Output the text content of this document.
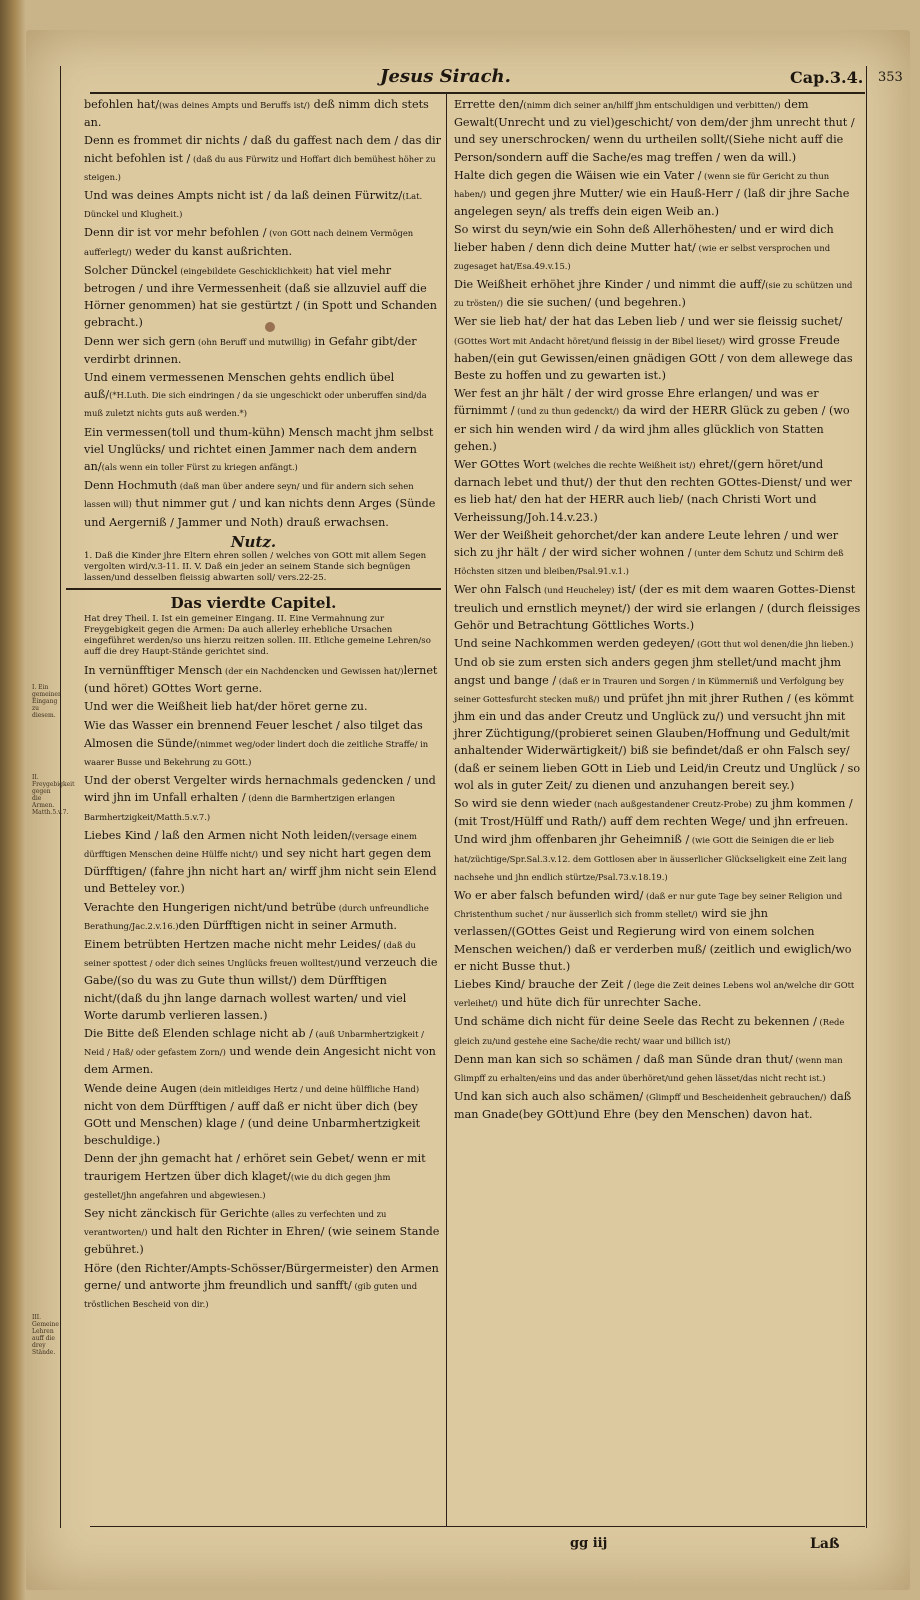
Jesus Sirach.	Cap.3.4. 353
I. Ein gemeiner Eingang zu diesem.
II. Freygebigkeit gegen die Armen. Matth.5.v.7.
III. Gemeine Lehren auff die drey Stände.
befohlen hat/(was deines Ampts und Beruffs ist/) deß nimm dich stets an.
Denn es frommet dir nichts / daß du gaffest nach dem / das dir nicht befohlen ist / (daß du aus Fürwitz und Hoffart dich bemühest höher zu steigen.)
Und was deines Ampts nicht ist / da laß deinen Fürwitz/(Lat. Dünckel und Klugheit.)
Denn dir ist vor mehr befohlen / (von GOtt nach deinem Vermögen aufferlegt/) weder du kanst außrichten.
Solcher Dünckel (eingebildete Geschicklichkeit) hat viel mehr betrogen / und ihre Vermessenheit (daß sie allzuviel auff die Hörner genommen) hat sie gestürtzt / (in Spott und Schanden gebracht.)
Denn wer sich gern (ohn Beruff und mutwillig) in Gefahr gibt/der verdirbt drinnen.
Und einem vermessenen Menschen gehts endlich übel auß/(*H.Luth. Die sich eindringen / da sie ungeschickt oder unberuffen sind/da muß zuletzt nichts guts auß werden.*)
Ein vermessen(toll und thum-kühn) Mensch macht jhm selbst viel Unglücks/ und richtet einen Jammer nach dem andern an/(als wenn ein toller Fürst zu kriegen anfängt.)
Denn Hochmuth (daß man über andere seyn/ und für andern sich sehen lassen will) thut nimmer gut / und kan nichts denn Arges (Sünde und Aergerniß / Jammer und Noth) drauß erwachsen.
Nutz.
1. Daß die Kinder jhre Eltern ehren sollen / welches von GOtt mit allem Segen vergolten wird/v.3-11. II. V. Daß ein jeder an seinem Stande sich begnügen lassen/und desselben fleissig abwarten soll/ vers.22-25.
Das vierdte Capitel.
Hat drey Theil. I. Ist ein gemeiner Eingang. II. Eine Vermahnung zur Freygebigkeit gegen die Armen: Da auch allerley erhebliche Ursachen eingeführet werden/so uns hierzu reitzen sollen. III. Etliche gemeine Lehren/so auff die drey Haupt-Stände gerichtet sind.
In vernünfftiger Mensch (der ein Nachdencken und Gewissen hat/)lernet (und höret) GOttes Wort gerne.
Und wer die Weißheit lieb hat/der höret gerne zu.
Wie das Wasser ein brennend Feuer leschet / also tilget das Almosen die Sünde/(nimmet weg/oder lindert doch die zeitliche Straffe/ in waarer Busse und Bekehrung zu GOtt.)
Und der oberst Vergelter wirds hernachmals gedencken / und wird jhn im Unfall erhalten / (denn die Barmhertzigen erlangen Barmhertzigkeit/Matth.5.v.7.)
Liebes Kind / laß den Armen nicht Noth leiden/(versage einem dürfftigen Menschen deine Hülffe nicht/) und sey nicht hart gegen dem Dürfftigen/ (fahre jhn nicht hart an/ wirff jhm nicht sein Elend und Betteley vor.)
Verachte den Hungerigen nicht/und betrübe (durch unfreundliche Berathung/Jac.2.v.16.)den Dürfftigen nicht in seiner Armuth.
Einem betrübten Hertzen mache nicht mehr Leides/ (daß du seiner spottest / oder dich seines Unglücks freuen wolltest/)und verzeuch die Gabe/(so du was zu Gute thun willst/) dem Dürfftigen nicht/(daß du jhn lange darnach wollest warten/ und viel Worte darumb verlieren lassen.)
Die Bitte deß Elenden schlage nicht ab / (auß Unbarmhertzigkeit / Neid / Haß/ oder gefastem Zorn/) und wende dein Angesicht nicht von dem Armen.
Wende deine Augen (dein mitleidiges Hertz / und deine hülffliche Hand) nicht von dem Dürfftigen / auff daß er nicht über dich (bey GOtt und Menschen) klage / (und deine Unbarmhertzigkeit beschuldige.)
Denn der jhn gemacht hat / erhöret sein Gebet/ wenn er mit traurigem Hertzen über dich klaget/(wie du dich gegen jhm gestellet/jhn angefahren und abgewiesen.)
Sey nicht zänckisch für Gerichte (alles zu verfechten und zu verantworten/) und halt den Richter in Ehren/ (wie seinem Stande gebühret.)
Höre (den Richter/Ampts-Schösser/Bürgermeister) den Armen gerne/ und antworte jhm freundlich und sanfft/ (gib guten und tröstlichen Bescheid von dir.)
Errette den/(nimm dich seiner an/hilff jhm entschuldigen und verbitten/) dem Gewalt(Unrecht und zu viel)geschicht/ von dem/der jhm unrecht thut / und sey unerschrocken/ wenn du urtheilen sollt/(Siehe nicht auff die Person/sondern auff die Sache/es mag treffen / wen da will.)
Halte dich gegen die Wäisen wie ein Vater / (wenn sie für Gericht zu thun haben/) und gegen jhre Mutter/ wie ein Hauß-Herr / (laß dir jhre Sache angelegen seyn/ als treffs dein eigen Weib an.)
So wirst du seyn/wie ein Sohn deß Allerhöhesten/ und er wird dich lieber haben / denn dich deine Mutter hat/ (wie er selbst versprochen und zugesaget hat/Esa.49.v.15.)
Die Weißheit erhöhet jhre Kinder / und nimmt die auff/(sie zu schützen und zu trösten/) die sie suchen/ (und begehren.)
Wer sie lieb hat/ der hat das Leben lieb / und wer sie fleissig suchet/ (GOttes Wort mit Andacht höret/und fleissig in der Bibel lieset/) wird grosse Freude haben/(ein gut Gewissen/einen gnädigen GOtt / von dem allewege das Beste zu hoffen und zu gewarten ist.)
Wer fest an jhr hält / der wird grosse Ehre erlangen/ und was er fürnimmt / (und zu thun gedenckt/) da wird der HERR Glück zu geben / (wo er sich hin wenden wird / da wird jhm alles glücklich von Statten gehen.)
Wer GOttes Wort (welches die rechte Weißheit ist/) ehret/(gern höret/und darnach lebet und thut/) der thut den rechten GOttes-Dienst/ und wer es lieb hat/ den hat der HERR auch lieb/ (nach Christi Wort und Verheissung/Joh.14.v.23.)
Wer der Weißheit gehorchet/der kan andere Leute lehren / und wer sich zu jhr hält / der wird sicher wohnen / (unter dem Schutz und Schirm deß Höchsten sitzen und bleiben/Psal.91.v.1.)
Wer ohn Falsch (und Heucheley) ist/ (der es mit dem waaren Gottes-Dienst treulich und ernstlich meynet/) der wird sie erlangen / (durch fleissiges Gehör und Betrachtung Göttliches Worts.)
Und seine Nachkommen werden gedeyen/ (GOtt thut wol denen/die jhn lieben.)
Und ob sie zum ersten sich anders gegen jhm stellet/und macht jhm angst und bange / (daß er in Trauren und Sorgen / in Kümmerniß und Verfolgung bey seiner Gottesfurcht stecken muß/) und prüfet jhn mit jhrer Ruthen / (es kömmt jhm ein und das ander Creutz und Unglück zu/) und versucht jhn mit jhrer Züchtigung/(probieret seinen Glauben/Hoffnung und Gedult/mit anhaltender Widerwärtigkeit/) biß sie befindet/daß er ohn Falsch sey/ (daß er seinem lieben GOtt in Lieb und Leid/in Creutz und Unglück / so wol als in guter Zeit/ zu dienen und anzuhangen bereit sey.)
So wird sie denn wieder (nach außgestandener Creutz-Probe) zu jhm kommen / (mit Trost/Hülff und Rath/) auff dem rechten Wege/ und jhn erfreuen.
Und wird jhm offenbaren jhr Geheimniß / (wie GOtt die Seinigen die er lieb hat/züchtige/Spr.Sal.3.v.12. dem Gottlosen aber in äusserlicher Glückseligkeit eine Zeit lang nachsehe und jhn endlich stürtze/Psal.73.v.18.19.)
Wo er aber falsch befunden wird/ (daß er nur gute Tage bey seiner Religion und Christenthum suchet / nur äusserlich sich fromm stellet/) wird sie jhn verlassen/(GOttes Geist und Regierung wird von einem solchen Menschen weichen/) daß er verderben muß/ (zeitlich und ewiglich/wo er nicht Busse thut.)
Liebes Kind/ brauche der Zeit / (lege die Zeit deines Lebens wol an/welche dir GOtt verleihet/) und hüte dich für unrechter Sache.
Und schäme dich nicht für deine Seele das Recht zu bekennen / (Rede gleich zu/und gestehe eine Sache/die recht/ waar und billich ist/)
Denn man kan sich so schämen / daß man Sünde dran thut/ (wenn man Glimpff zu erhalten/eins und das ander überhöret/und gehen lässet/das nicht recht ist.)
Und kan sich auch also schämen/ (Glimpff und Bescheidenheit gebrauchen/) daß man Gnade(bey GOtt)und Ehre (bey den Menschen) davon hat.
gg iij	Laß
